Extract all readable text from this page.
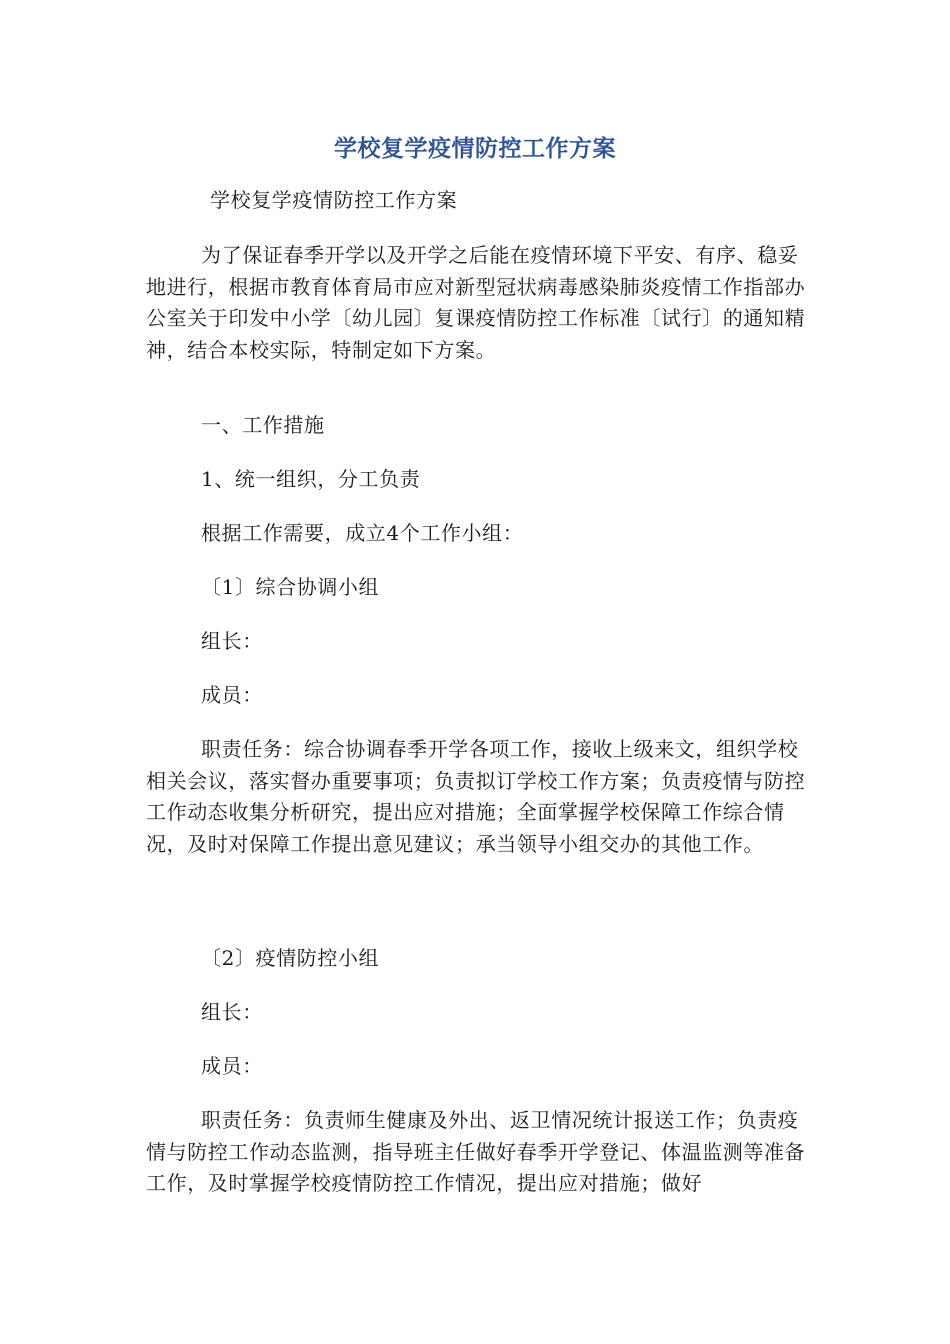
学校复学疫情防控工作方案
学校复学疫情防控工作方案
为了保证春季开学以及开学之后能在疫情环境下平安、有序、稳妥地进行，根据市教育体育局市应对新型冠状病毒感染肺炎疫情工作指部办公室关于印发中小学〔幼儿园〕复课疫情防控工作标准〔试行〕的通知精神，结合本校实际，特制定如下方案。
一、工作措施
1、统一组织，分工负责
根据工作需要，成立4个工作小组：
〔1〕综合协调小组
组长：
成员：
职责任务：综合协调春季开学各项工作，接收上级来文，组织学校相关会议，落实督办重要事项；负责拟订学校工作方案；负责疫情与防控工作动态收集分析研究，提出应对措施；全面掌握学校保障工作综合情况，及时对保障工作提出意见建议；承当领导小组交办的其他工作。
〔2〕疫情防控小组
组长：
成员：
职责任务：负责师生健康及外出、返卫情况统计报送工作；负责疫情与防控工作动态监测，指导班主任做好春季开学登记、体温监测等准备工作，及时掌握学校疫情防控工作情况，提出应对措施；做好
